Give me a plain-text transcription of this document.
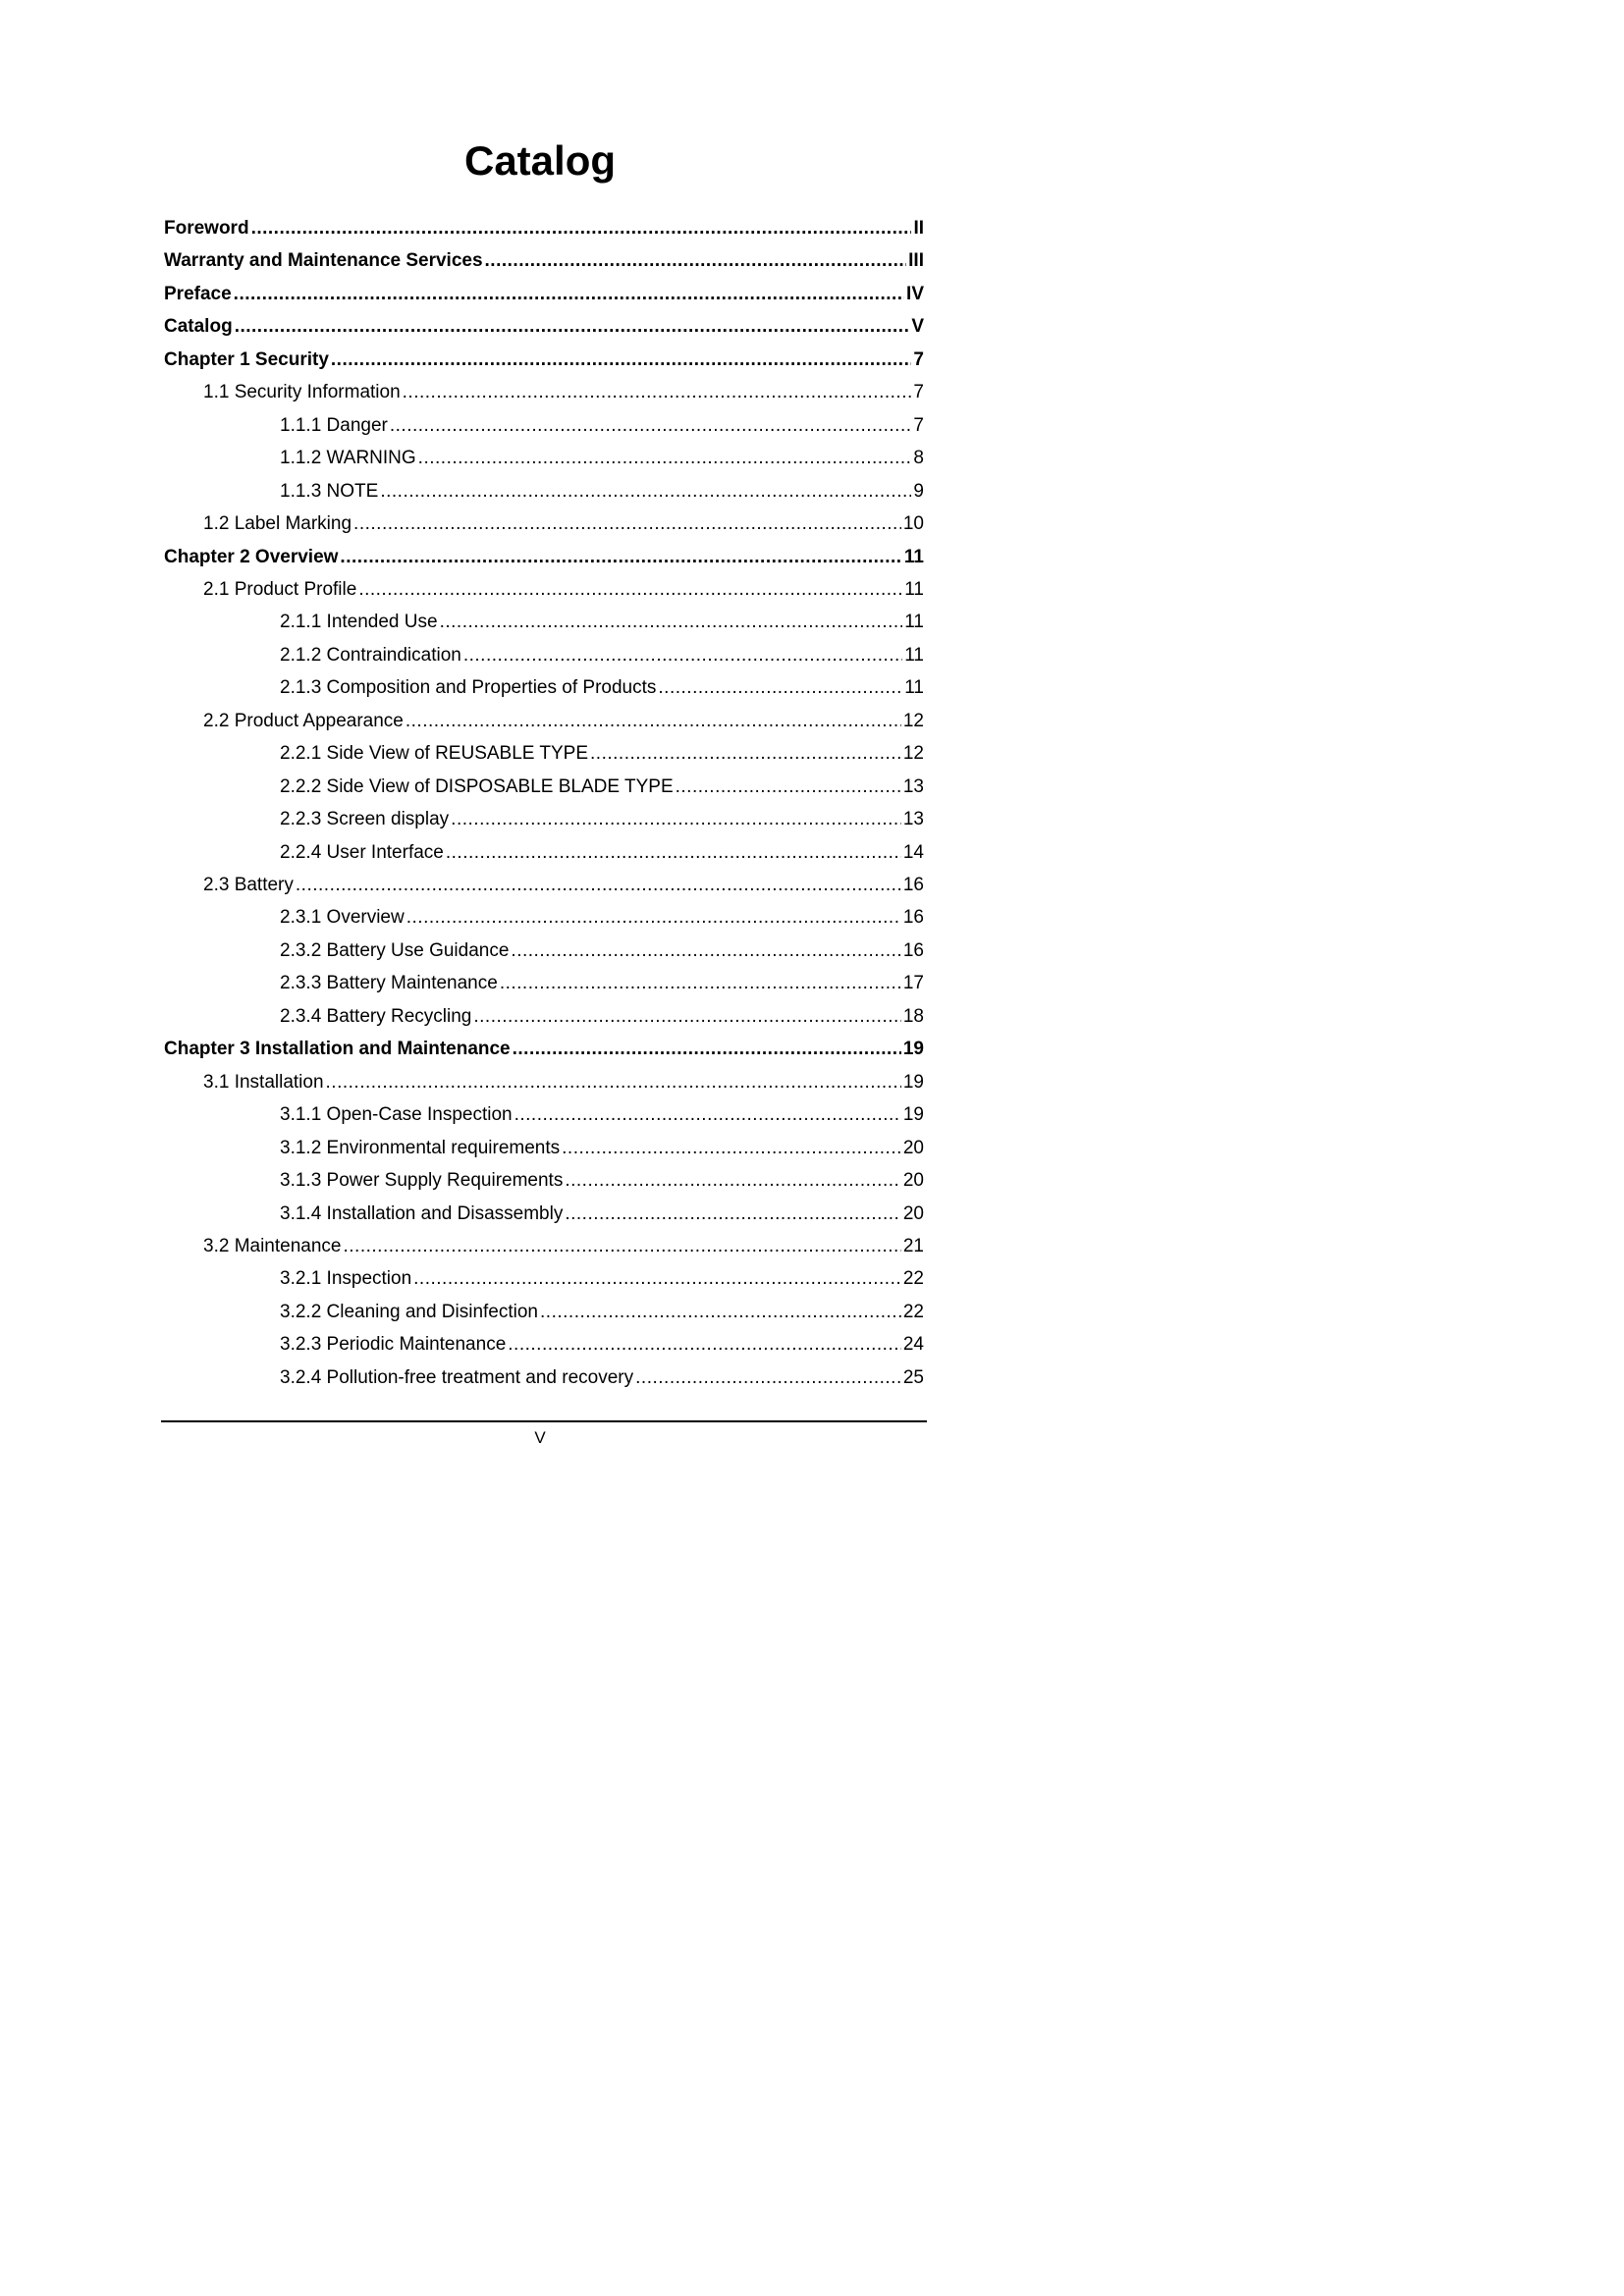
Catalog
Foreword .....	II
Warranty and Maintenance Services .....	III
Preface .....	IV
Catalog .....	V
Chapter 1 Security .....	7
1.1 Security Information .....	7
1.1.1 Danger .....	7
1.1.2 WARNING .....	8
1.1.3 NOTE .....	9
1.2 Label Marking .....	10
Chapter 2 Overview .....	11
2.1 Product Profile .....	11
2.1.1 Intended Use .....	11
2.1.2 Contraindication .....	11
2.1.3 Composition and Properties of Products .....	11
2.2 Product Appearance .....	12
2.2.1 Side View of REUSABLE TYPE .....	12
2.2.2 Side View of DISPOSABLE BLADE TYPE .....	13
2.2.3 Screen display .....	13
2.2.4 User Interface .....	14
2.3 Battery .....	16
2.3.1 Overview .....	16
2.3.2 Battery Use Guidance .....	16
2.3.3 Battery Maintenance .....	17
2.3.4 Battery Recycling .....	18
Chapter 3 Installation and Maintenance .....	19
3.1 Installation .....	19
3.1.1 Open-Case Inspection .....	19
3.1.2 Environmental requirements .....	20
3.1.3 Power Supply Requirements .....	20
3.1.4 Installation and Disassembly .....	20
3.2 Maintenance .....	21
3.2.1 Inspection .....	22
3.2.2 Cleaning and Disinfection .....	22
3.2.3 Periodic Maintenance .....	24
3.2.4 Pollution-free treatment and recovery .....	25
V
